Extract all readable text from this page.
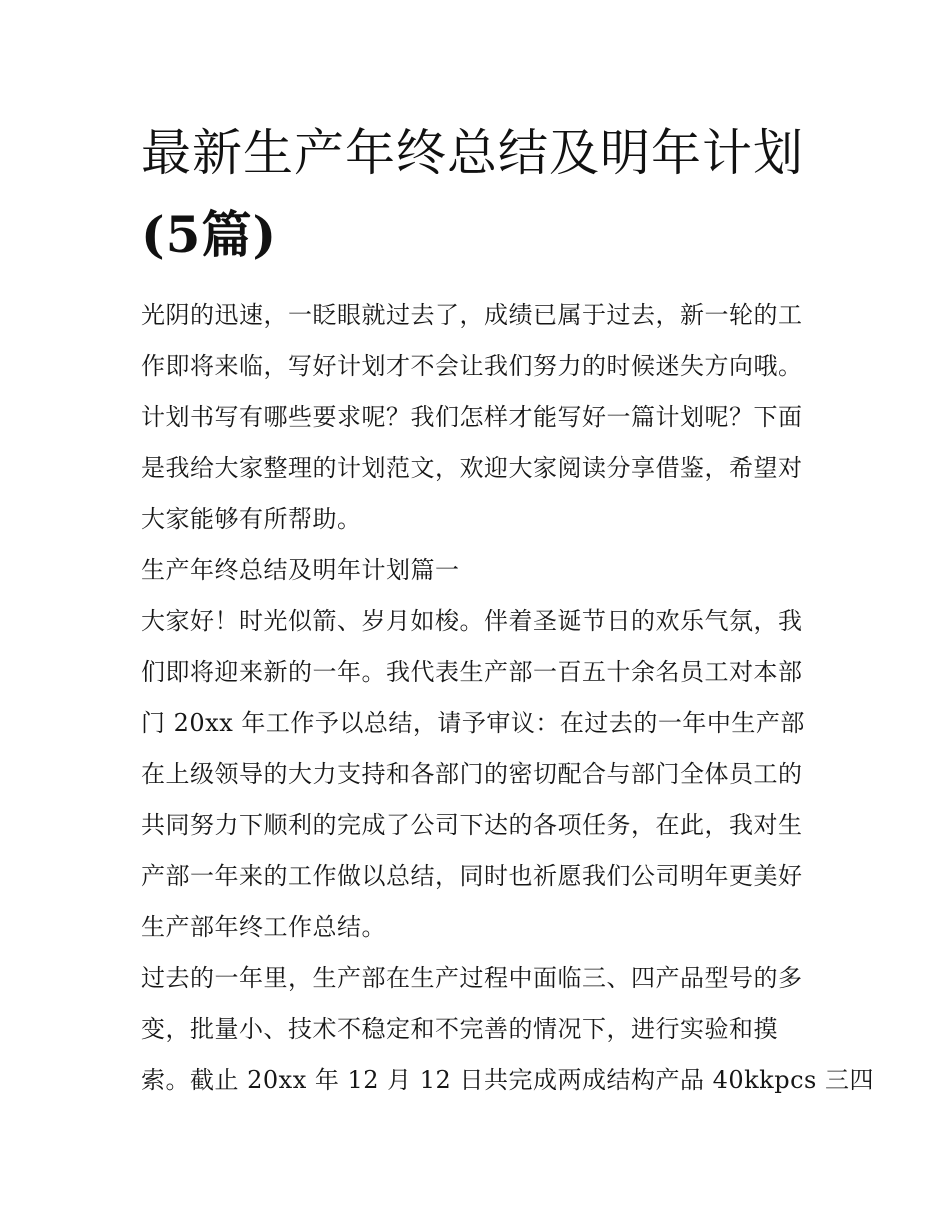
最新生产年终总结及明年计划
(5篇)

光阴的迅速，一眨眼就过去了，成绩已属于过去，新一轮的工
作即将来临，写好计划才不会让我们努力的时候迷失方向哦。
计划书写有哪些要求呢？我们怎样才能写好一篇计划呢？下面
是我给大家整理的计划范文，欢迎大家阅读分享借鉴，希望对
大家能够有所帮助。

生产年终总结及明年计划篇一

大家好！时光似箭、岁月如梭。伴着圣诞节日的欢乐气氛，我
们即将迎来新的一年。我代表生产部一百五十余名员工对本部
门 20xx 年工作予以总结，请予审议：在过去的一年中生产部
在上级领导的大力支持和各部门的密切配合与部门全体员工的
共同努力下顺利的完成了公司下达的各项任务，在此，我对生
产部一年来的工作做以总结，同时也祈愿我们公司明年更美好
生产部年终工作总结。

过去的一年里，生产部在生产过程中面临三、四产品型号的多
变，批量小、技术不稳定和不完善的情况下，进行实验和摸
索。截止 20xx 年 12 月 12 日共完成两成结构产品 40kkpcs 三四
